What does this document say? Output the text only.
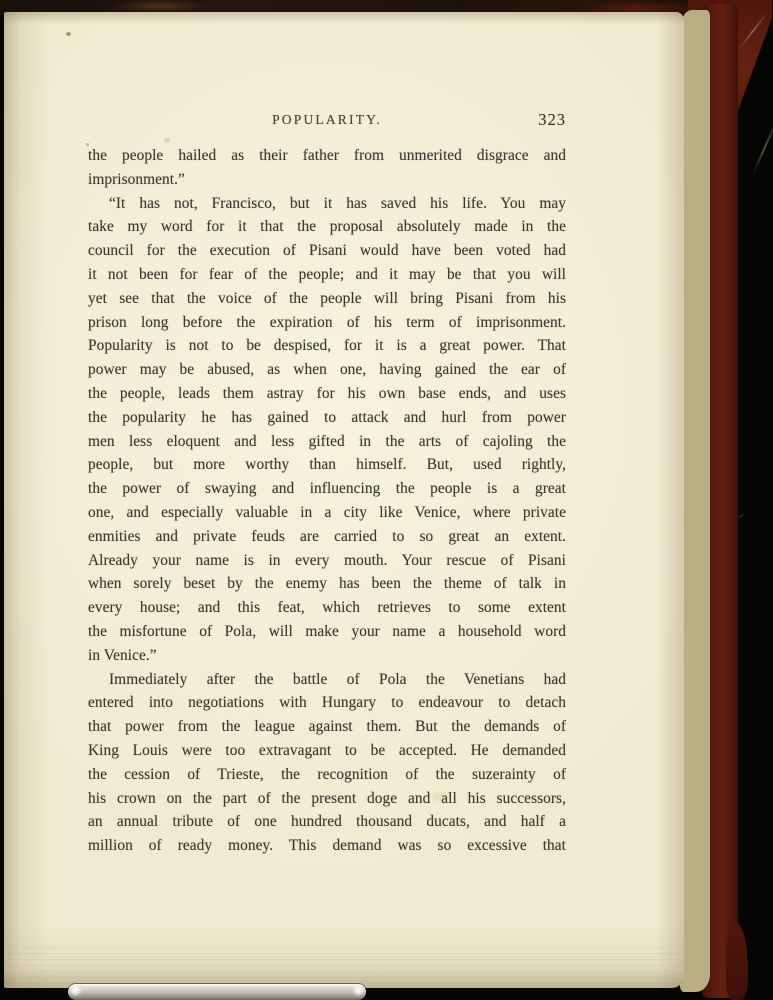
POPULARITY.	323
the people hailed as their father from unmerited disgrace and
imprisonment.”
“It has not, Francisco, but it has saved his life. You may
take my word for it that the proposal absolutely made in the
council for the execution of Pisani would have been voted had
it not been for fear of the people; and it may be that you will
yet see that the voice of the people will bring Pisani from his
prison long before the expiration of his term of imprisonment.
Popularity is not to be despised, for it is a great power. That
power may be abused, as when one, having gained the ear of
the people, leads them astray for his own base ends, and uses
the popularity he has gained to attack and hurl from power
men less eloquent and less gifted in the arts of cajoling the
people, but more worthy than himself. But, used rightly,
the power of swaying and influencing the people is a great
one, and especially valuable in a city like Venice, where private
enmities and private feuds are carried to so great an extent.
Already your name is in every mouth. Your rescue of Pisani
when sorely beset by the enemy has been the theme of talk in
every house; and this feat, which retrieves to some extent
the misfortune of Pola, will make your name a household word
in Venice.”
Immediately after the battle of Pola the Venetians had
entered into negotiations with Hungary to endeavour to detach
that power from the league against them. But the demands of
King Louis were too extravagant to be accepted. He demanded
the cession of Trieste, the recognition of the suzerainty of
his crown on the part of the present doge and all his successors,
an annual tribute of one hundred thousand ducats, and half a
million of ready money. This demand was so excessive that
